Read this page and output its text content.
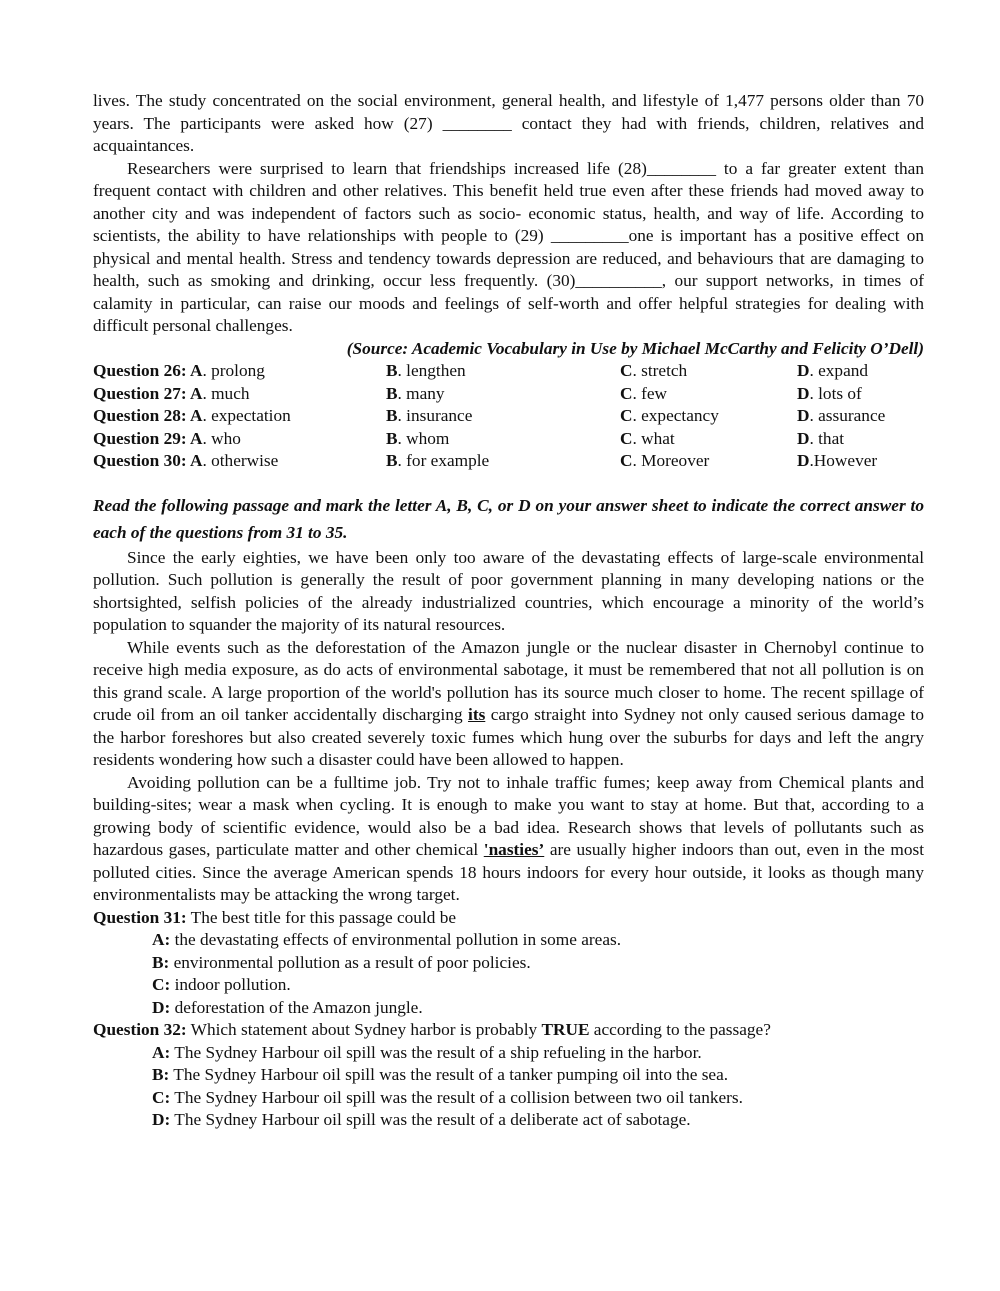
lives. The study concentrated on the social environment, general health, and lifestyle of 1,477 persons older than 70 years. The participants were asked how (27) ________ contact they had with friends, children, relatives and acquaintances.

Researchers were surprised to learn that friendships increased life (28)________ to a far greater extent than frequent contact with children and other relatives. This benefit held true even after these friends had moved away to another city and was independent of factors such as socio- economic status, health, and way of life. According to scientists, the ability to have relationships with people to (29) _________one is important has a positive effect on physical and mental health. Stress and tendency towards depression are reduced, and behaviours that are damaging to health, such as smoking and drinking, occur less frequently. (30)__________, our support networks, in times of calamity in particular, can raise our moods and feelings of self-worth and offer helpful strategies for dealing with difficult personal challenges.

(Source: Academic Vocabulary in Use by Michael McCarthy and Felicity O’Dell)

Question 26: A. prolong	B. lengthen	C. stretch	D. expand
Question 27: A. much	B. many	C. few	D. lots of
Question 28: A. expectation	B. insurance	C. expectancy	D. assurance
Question 29: A. who	B. whom	C. what	D. that
Question 30: A. otherwise	B. for example	C. Moreover	D.However

Read the following passage and mark the letter A, B, C, or D on your answer sheet to indicate the correct answer to each of the questions from 31 to 35.

Since the early eighties, we have been only too aware of the devastating effects of large-scale environmental pollution. Such pollution is generally the result of poor government planning in many developing nations or the shortsighted, selfish policies of the already industrialized countries, which encourage a minority of the world’s population to squander the majority of its natural resources.

While events such as the deforestation of the Amazon jungle or the nuclear disaster in Chernobyl continue to receive high media exposure, as do acts of environmental sabotage, it must be remembered that not all pollution is on this grand scale. A large proportion of the world's pollution has its source much closer to home. The recent spillage of crude oil from an oil tanker accidentally discharging its cargo straight into Sydney not only caused serious damage to the harbor foreshores but also created severely toxic fumes which hung over the suburbs for days and left the angry residents wondering how such a disaster could have been allowed to happen.

Avoiding pollution can be a fulltime job. Try not to inhale traffic fumes; keep away from Chemical plants and building-sites; wear a mask when cycling. It is enough to make you want to stay at home. But that, according to a growing body of scientific evidence, would also be a bad idea. Research shows that levels of pollutants such as hazardous gases, particulate matter and other chemical 'nasties’ are usually higher indoors than out, even in the most polluted cities. Since the average American spends 18 hours indoors for every hour outside, it looks as though many environmentalists may be attacking the wrong target.

Question 31: The best title for this passage could be
A: the devastating effects of environmental pollution in some areas.
B: environmental pollution as a result of poor policies.
C: indoor pollution.
D: deforestation of the Amazon jungle.
Question 32: Which statement about Sydney harbor is probably TRUE according to the passage?
A: The Sydney Harbour oil spill was the result of a ship refueling in the harbor.
B: The Sydney Harbour oil spill was the result of a tanker pumping oil into the sea.
C: The Sydney Harbour oil spill was the result of a collision between two oil tankers.
D: The Sydney Harbour oil spill was the result of a deliberate act of sabotage.
